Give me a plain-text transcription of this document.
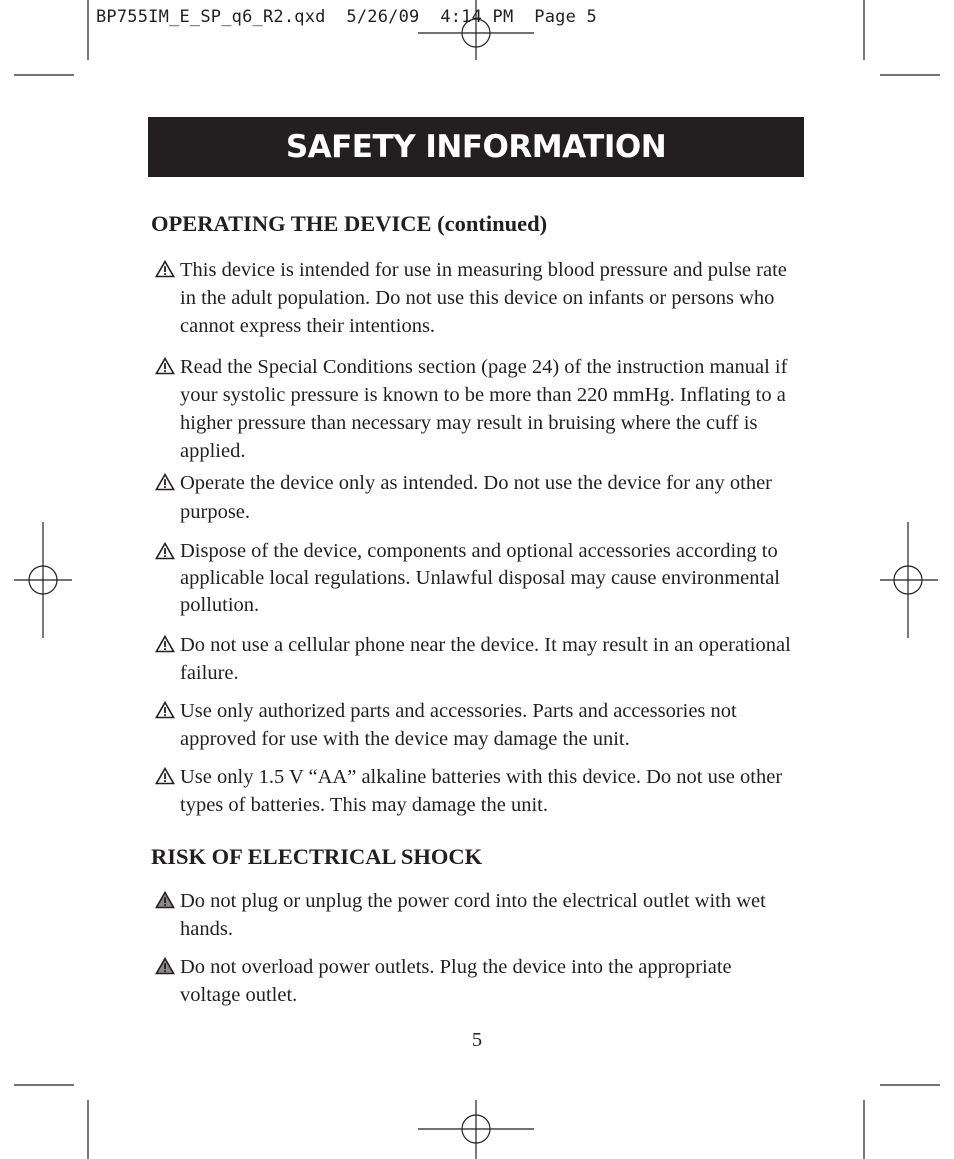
BP755IM_E_SP_q6_R2.qxd  5/26/09  4:14 PM  Page 5
SAFETY INFORMATION
OPERATING THE DEVICE (continued)
This device is intended for use in measuring blood pressure and pulse rate in the adult population. Do not use this device on infants or persons who cannot express their intentions.
Read the Special Conditions section (page 24) of the instruction manual if your systolic pressure is known to be more than 220 mmHg. Inflating to a higher pressure than necessary may result in bruising where the cuff is applied.
Operate the device only as intended. Do not use the device for any other purpose.
Dispose of the device, components and optional accessories according to applicable local regulations. Unlawful disposal may cause environmental pollution.
Do not use a cellular phone near the device. It may result in an operational failure.
Use only authorized parts and accessories. Parts and accessories not approved for use with the device may damage the unit.
Use only 1.5 V “AA” alkaline batteries with this device. Do not use other types of batteries. This may damage the unit.
RISK OF ELECTRICAL SHOCK
Do not plug or unplug the power cord into the electrical outlet with wet hands.
Do not overload power outlets. Plug the device into the appropriate voltage outlet.
5
